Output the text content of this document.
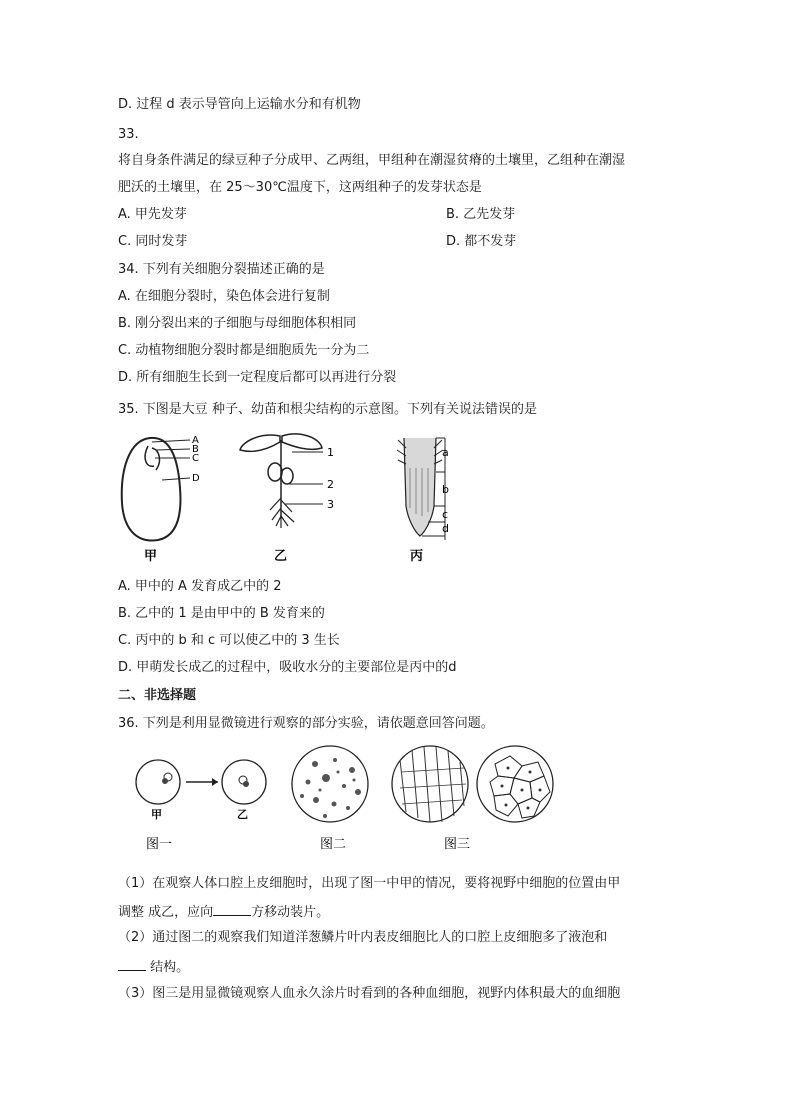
D. 过程 d 表示导管向上运输水分和有机物
33.
将自身条件满足的绿豆种子分成甲、乙两组，甲组种在潮湿贫瘠的土壤里，乙组种在潮湿
肥沃的土壤里，在 25～30℃温度下，这两组种子的发芽状态是
A. 甲先发芽	B. 乙先发芽
C. 同时发芽	D. 都不发芽
34. 下列有关细胞分裂描述正确的是
A. 在细胞分裂时，染色体会进行复制
B. 刚分裂出来的子细胞与母细胞体积相同
C. 动植物细胞分裂时都是细胞质先一分为二
D. 所有细胞生长到一定程度后都可以再进行分裂
35. 下图是大豆 种子、幼苗和根尖结构的示意图。下列有关说法错误的是
A
B
C
D
甲
1
2
3
乙
a
b
c
d
丙
A. 甲中的 A 发育成乙中的 2
B. 乙中的 1 是由甲中的 B 发育来的
C. 丙中的 b 和 c 可以使乙中的 3 生长
D. 甲萌发长成乙的过程中，吸收水分的主要部位是丙中的d
二、非选择题
36. 下列是利用显微镜进行观察的部分实验，请依题意回答问题。
甲	乙
图一	图二	图三
（1）在观察人体口腔上皮细胞时，出现了图一中甲的情况，要将视野中细胞的位置由甲
调整 成乙，应向	方移动装片。
（2）通过图二的观察我们知道洋葱鳞片叶内表皮细胞比人的口腔上皮细胞多了液泡和
结构。
（3）图三是用显微镜观察人血永久涂片时看到的各种血细胞，视野内体积最大的血细胞
